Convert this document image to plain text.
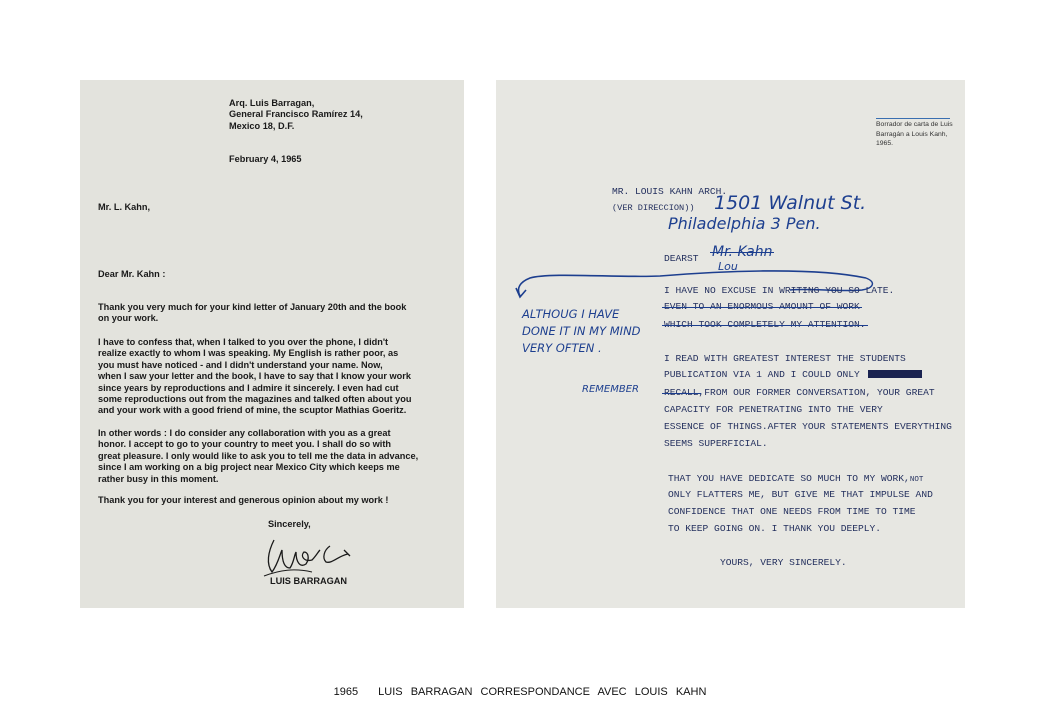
Arq. Luis Barragan,
General Francisco Ramírez 14,
Mexico 18, D.F.
February 4, 1965
Mr. L. Kahn,
Dear Mr. Kahn :
Thank you very much for your kind letter of January 20th and the book
on your work.
I have to confess that, when I talked to you over the phone, I didn't
realize exactly to whom I was speaking. My English is rather poor, as
you must have noticed - and I didn't understand your name. Now,
when I saw your letter and the book, I have to say that I know your work
since years by reproductions and I admire it sincerely. I even had cut
some reproductions out from the magazines and talked often about you
and your work with a good friend of mine, the scuptor Mathias Goeritz.
In other words : I do consider any collaboration with you as a great
honor. I accept to go to your country to meet you. I shall do so with
great pleasure. I only would like to ask you to tell me the data in advance,
since I am working on a big project near Mexico City which keeps me
rather busy in this moment.
Thank you for your interest and generous opinion about my work !
Sincerely,
LUIS BARRAGAN
Borrador de carta de Luis Barragán a Louis Kanh, 1965.
MR. LOUIS KAHN ARCH.
(VER DIRECCION)) 1501 Walnut St.
Philadelphia 3 Pen.
DEARST Mr. Kahn
Lou
I HAVE NO EXCUSE IN WRITING YOU SO LATE.
EVEN TO AN ENORMOUS AMOUNT OF WORK
WHICH TOOK COMPLETELY MY ATTENTION.
ALTHOUG I HAVE
DONE IT IN MY MIND
VERY OFTEN .
I READ WITH GREATEST INTEREST THE STUDENTS
PUBLICATION VIA 1 AND I COULD ONLY
REMEMBER	RECALL,FROM OUR FORMER CONVERSATION, YOUR GREAT
CAPACITY FOR PENETRATING INTO THE VERY
ESSENCE OF THINGS.AFTER YOUR STATEMENTS EVERYTHING
SEEMS SUPERFICIAL.
THAT YOU HAVE DEDICATE SO MUCH TO MY WORK,NOT
ONLY FLATTERS ME, BUT GIVE ME THAT IMPULSE AND
CONFIDENCE THAT ONE NEEDS FROM TIME TO TIME
TO KEEP GOING ON. I THANK YOU DEEPLY.
YOURS, VERY SINCERELY.
1965 LUIS  BARRAGAN  CORRESPONDANCE  AVEC  LOUIS  KAHN
